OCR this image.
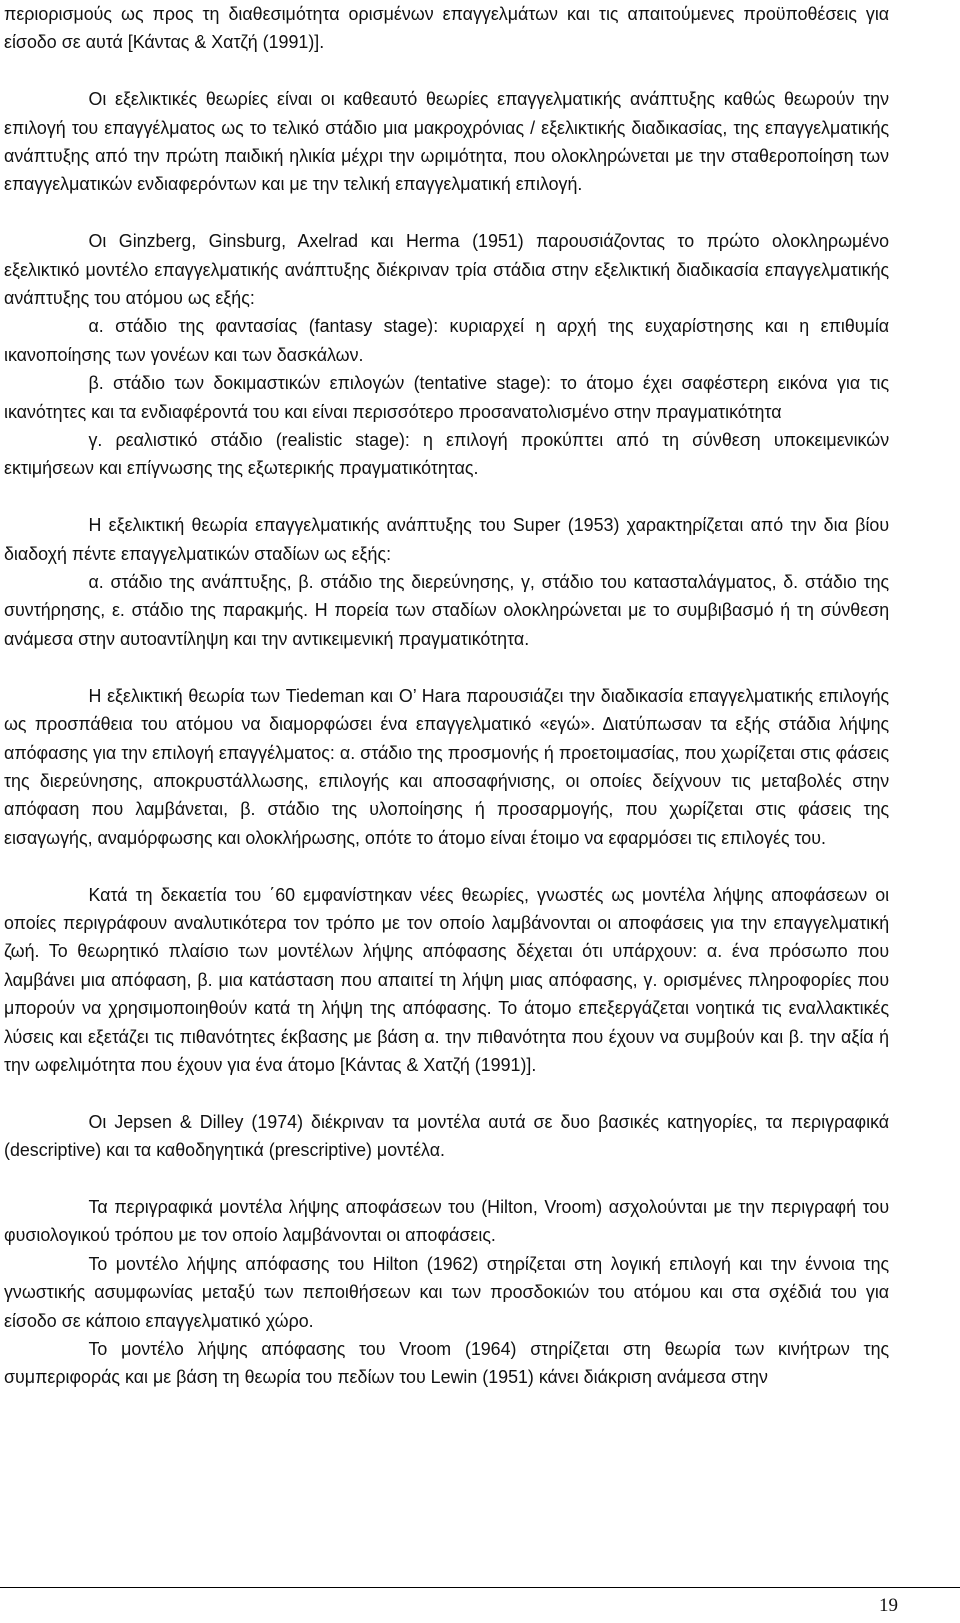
περιορισμούς ως προς τη διαθεσιμότητα ορισμένων επαγγελμάτων και τις απαιτούμενες προϋποθέσεις για είσοδο σε αυτά [Κάντας & Χατζή (1991)].

Οι εξελικτικές θεωρίες είναι οι καθεαυτό θεωρίες επαγγελματικής ανάπτυξης καθώς θεωρούν την επιλογή του επαγγέλματος ως το τελικό στάδιο μια μακροχρόνιας / εξελικτικής διαδικασίας, της επαγγελματικής ανάπτυξης από την πρώτη παιδική ηλικία μέχρι την ωριμότητα, που ολοκληρώνεται με την σταθεροποίηση των επαγγελματικών ενδιαφερόντων και με την τελική επαγγελματική επιλογή.

Οι Ginzberg, Ginsburg, Axelrad και Herma (1951) παρουσιάζοντας το πρώτο ολοκληρωμένο εξελικτικό μοντέλο επαγγελματικής ανάπτυξης διέκριναν τρία στάδια στην εξελικτική διαδικασία επαγγελματικής ανάπτυξης του ατόμου ως εξής:

α. στάδιο της φαντασίας (fantasy stage): κυριαρχεί η αρχή της ευχαρίστησης και η επιθυμία ικανοποίησης των γονέων και των δασκάλων.

β. στάδιο των δοκιμαστικών επιλογών (tentative stage): το άτομο έχει σαφέστερη εικόνα για τις ικανότητες και τα ενδιαφέροντά του και είναι περισσότερο προσανατολισμένο στην πραγματικότητα

γ. ρεαλιστικό στάδιο (realistic stage): η επιλογή προκύπτει από τη σύνθεση υποκειμενικών εκτιμήσεων και επίγνωσης της εξωτερικής πραγματικότητας.

Η εξελικτική θεωρία επαγγελματικής ανάπτυξης του Super (1953) χαρακτηρίζεται από την δια βίου διαδοχή πέντε επαγγελματικών σταδίων ως εξής:

α. στάδιο της ανάπτυξης, β. στάδιο της διερεύνησης, γ, στάδιο του κατασταλάγματος, δ. στάδιο της συντήρησης, ε. στάδιο της παρακμής. Η πορεία των σταδίων ολοκληρώνεται με το συμβιβασμό ή τη σύνθεση ανάμεσα στην αυτοαντίληψη και την αντικειμενική πραγματικότητα.

Η εξελικτική θεωρία των Tiedeman και Ο’ Hara παρουσιάζει την διαδικασία επαγγελματικής επιλογής ως προσπάθεια του ατόμου να διαμορφώσει ένα επαγγελματικό «εγώ». Διατύπωσαν τα εξής στάδια λήψης απόφασης για την επιλογή επαγγέλματος: α. στάδιο της προσμονής ή προετοιμασίας, που χωρίζεται στις φάσεις της διερεύνησης, αποκρυστάλλωσης, επιλογής και αποσαφήνισης, οι οποίες δείχνουν τις μεταβολές στην απόφαση που λαμβάνεται, β. στάδιο της υλοποίησης ή προσαρμογής, που χωρίζεται στις φάσεις της εισαγωγής, αναμόρφωσης και ολοκλήρωσης, οπότε το άτομο είναι έτοιμο να εφαρμόσει τις επιλογές του.

Κατά τη δεκαετία του ΄60 εμφανίστηκαν νέες θεωρίες, γνωστές ως μοντέλα λήψης αποφάσεων οι οποίες περιγράφουν αναλυτικότερα τον τρόπο με τον οποίο λαμβάνονται οι αποφάσεις για την επαγγελματική ζωή. Το θεωρητικό πλαίσιο των μοντέλων λήψης απόφασης δέχεται ότι υπάρχουν: α. ένα πρόσωπο που λαμβάνει μια απόφαση, β. μια κατάσταση που απαιτεί τη λήψη μιας απόφασης, γ. ορισμένες πληροφορίες που μπορούν να χρησιμοποιηθούν κατά τη λήψη της απόφασης. Το άτομο επεξεργάζεται νοητικά τις εναλλακτικές λύσεις και εξετάζει τις πιθανότητες έκβασης με βάση α. την πιθανότητα που έχουν να συμβούν και β. την αξία ή την ωφελιμότητα που έχουν για ένα άτομο [Κάντας & Χατζή (1991)].

Οι Jepsen & Dilley (1974) διέκριναν τα μοντέλα αυτά σε δυο βασικές κατηγορίες, τα περιγραφικά (descriptive) και τα καθοδηγητικά (prescriptive) μοντέλα.

Τα περιγραφικά μοντέλα λήψης αποφάσεων του (Hilton, Vroom) ασχολούνται με την περιγραφή του φυσιολογικού τρόπου με τον οποίο λαμβάνονται οι αποφάσεις.

Το μοντέλο λήψης απόφασης του Hilton (1962) στηρίζεται στη λογική επιλογή και την έννοια της γνωστικής ασυμφωνίας μεταξύ των πεποιθήσεων και των προσδοκιών του ατόμου και στα σχέδιά του για είσοδο σε κάποιο επαγγελματικό χώρο.

Το μοντέλο λήψης απόφασης του Vroom (1964) στηρίζεται στη θεωρία των κινήτρων της συμπεριφοράς και με βάση τη θεωρία του πεδίων του Lewin (1951) κάνει διάκριση ανάμεσα στην

19
